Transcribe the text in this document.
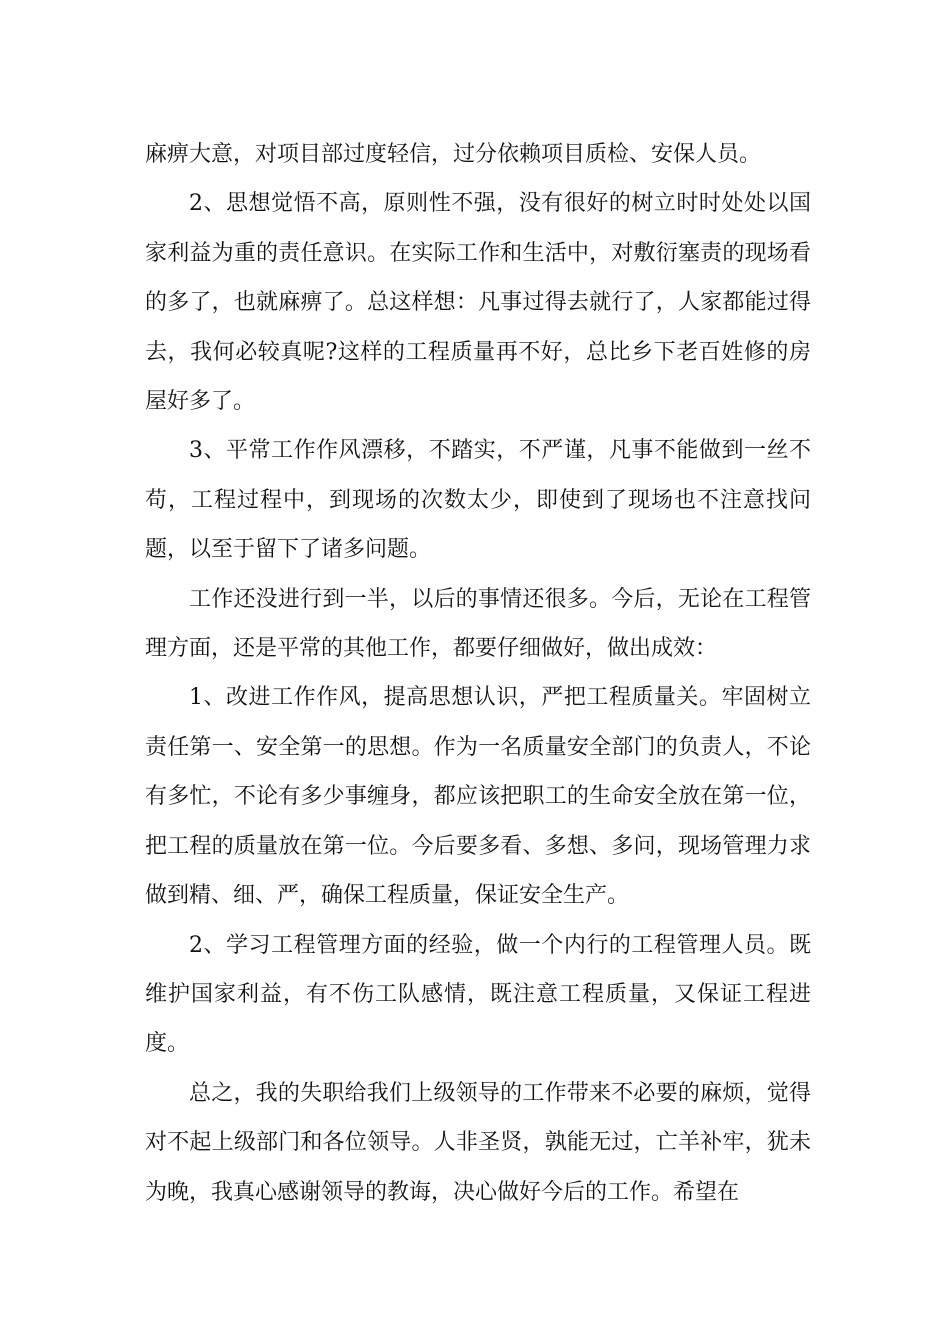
麻痹大意，对项目部过度轻信，过分依赖项目质检、安保人员。

2、思想觉悟不高，原则性不强，没有很好的树立时时处处以国家利益为重的责任意识。在实际工作和生活中，对敷衍塞责的现场看的多了，也就麻痹了。总这样想：凡事过得去就行了，人家都能过得去，我何必较真呢?这样的工程质量再不好，总比乡下老百姓修的房屋好多了。

3、平常工作作风漂移，不踏实，不严谨，凡事不能做到一丝不苟，工程过程中，到现场的次数太少，即使到了现场也不注意找问题，以至于留下了诸多问题。

工作还没进行到一半，以后的事情还很多。今后，无论在工程管理方面，还是平常的其他工作，都要仔细做好，做出成效：

1、改进工作作风，提高思想认识，严把工程质量关。牢固树立责任第一、安全第一的思想。作为一名质量安全部门的负责人，不论有多忙，不论有多少事缠身，都应该把职工的生命安全放在第一位，把工程的质量放在第一位。今后要多看、多想、多问，现场管理力求做到精、细、严，确保工程质量，保证安全生产。

2、学习工程管理方面的经验，做一个内行的工程管理人员。既维护国家利益，有不伤工队感情，既注意工程质量，又保证工程进度。

总之，我的失职给我们上级领导的工作带来不必要的麻烦，觉得对不起上级部门和各位领导。人非圣贤，孰能无过，亡羊补牢，犹未为晚，我真心感谢领导的教诲，决心做好今后的工作。希望在
